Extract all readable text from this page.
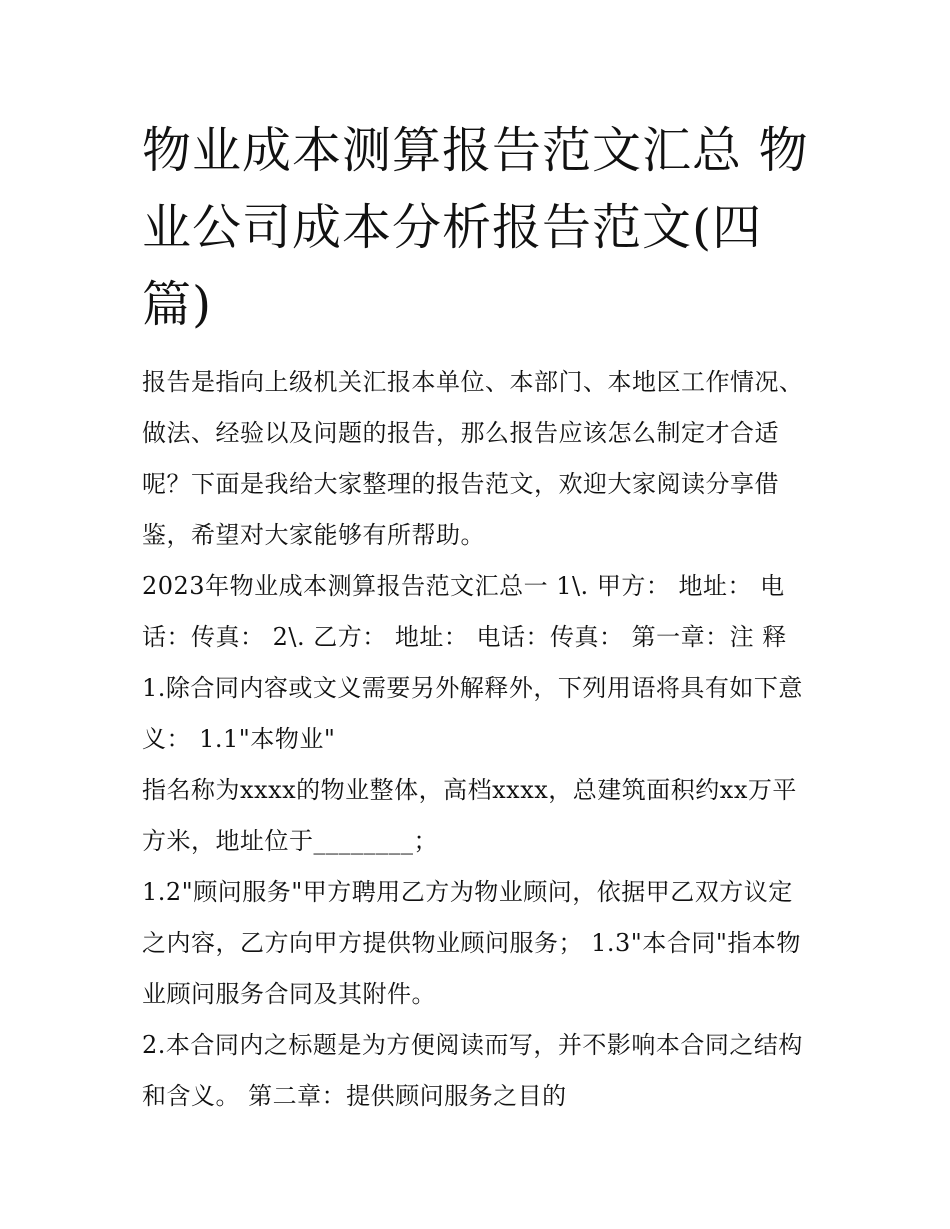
物业成本测算报告范文汇总 物业公司成本分析报告范文(四篇)

报告是指向上级机关汇报本单位、本部门、本地区工作情况、做法、经验以及问题的报告，那么报告应该怎么制定才合适呢？下面是我给大家整理的报告范文，欢迎大家阅读分享借鉴，希望对大家能够有所帮助。

2023年物业成本测算报告范文汇总一 1\. 甲方： 地址： 电话：传真： 2\. 乙方： 地址： 电话：传真： 第一章：注 释

1.除合同内容或文义需要另外解释外，下列用语将具有如下意义： 1.1"本物业"

指名称为xxxx的物业整体，高档xxxx，总建筑面积约xx万平方米，地址位于________；

1.2"顾问服务"甲方聘用乙方为物业顾问，依据甲乙双方议定之内容，乙方向甲方提供物业顾问服务； 1.3"本合同"指本物业顾问服务合同及其附件。

2.本合同内之标题是为方便阅读而写，并不影响本合同之结构和含义。 第二章：提供顾问服务之目的
